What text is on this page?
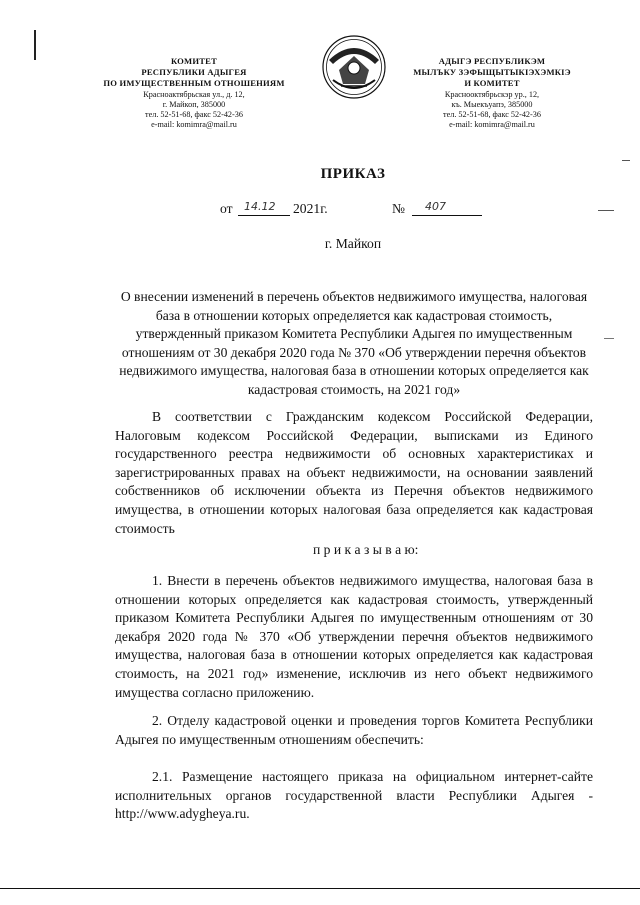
КОМИТЕТ
РЕСПУБЛИКИ АДЫГЕЯ
ПО ИМУЩЕСТВЕННЫМ ОТНОШЕНИЯМ
Красноактябрьская ул., д. 12,
г. Майкоп, 385000
тел. 52-51-68, факс 52-42-36
e-mail: komimra@mail.ru
АДЫГЭ РЕСПУБЛИКЭМ
МЫЛЪКУ ЗЭФЫЩЫТЫКIЭХЭМКIЭ
И КОМИТЕТ
Краснооктябрьскэр ур., 12,
къ. Мыекъуапэ, 385000
тел. 52-51-68, факс 52-42-36
e-mail: komimra@mail.ru
ПРИКАЗ
от 14.12 2021г.	№ 407
г. Майкоп
О внесении изменений в перечень объектов недвижимого имущества, налоговая база в отношении которых определяется как кадастровая стоимость, утвержденный приказом Комитета Республики Адыгея по имущественным отношениям от 30 декабря 2020 года № 370 «Об утверждении перечня объектов недвижимого имущества, налоговая база в отношении которых определяется как кадастровая стоимость, на 2021 год»
В соответствии с Гражданским кодексом Российской Федерации, Налоговым кодексом Российской Федерации, выписками из Единого государственного реестра недвижимости об основных характеристиках и зарегистрированных правах на объект недвижимости, на основании заявлений собственников об исключении объекта из Перечня объектов недвижимого имущества, в отношении которых налоговая база определяется как кадастровая стоимость
п р и к а з ы в а ю:
1. Внести в перечень объектов недвижимого имущества, налоговая база в отношении которых определяется как кадастровая стоимость, утвержденный приказом Комитета Республики Адыгея по имущественным отношениям от 30 декабря 2020 года № 370 «Об утверждении перечня объектов недвижимого имущества, налоговая база в отношении которых определяется как кадастровая стоимость, на 2021 год» изменение, исключив из него объект недвижимого имущества согласно приложению.
2. Отделу кадастровой оценки и проведения торгов Комитета Республики Адыгея по имущественным отношениям обеспечить:
2.1. Размещение настоящего приказа на официальном интернет-сайте исполнительных органов государственной власти Республики Адыгея - http://www.adygheya.ru.
